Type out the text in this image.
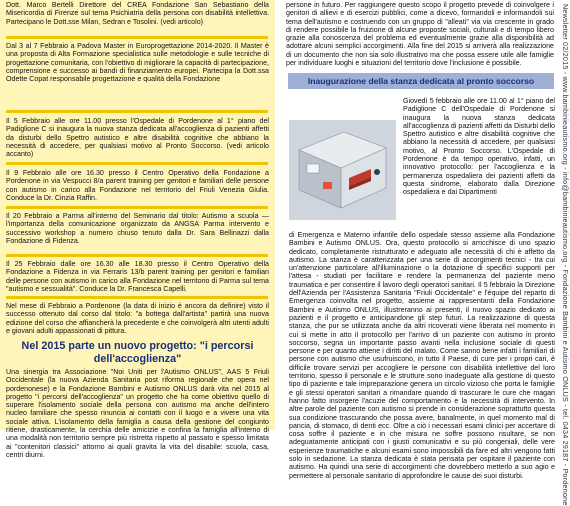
Dott. Marco Bertelli Direttore del CREA Fondazione San Sebastiano della Misericordia di Firenze sul tema Psichiatria della persona con disabilità intellettiva. Partecipano le Dott.sse Milan, Sedran e Tosolini. (vedi articolo)

Dal 3 al 7 Febbraio a Padova Master in Europrogettazione 2014-2020. Il Master è una proposta di Alta Formazione specialistica sulle metodologie e sulle tecniche di progettazione comunitaria, con l'obiettivo di migliorare la capacità di partecipazione, comprensione e successo ai bandi di finanziamento europei. Partecipa la Dott.ssa Odette Copat responsabile progettazione e qualità della Fondazione

Il 5 Febbraio alle ore 11.00 presso l'Ospedale di Pordenone al 1° piano del Padiglione C si inaugura la nuova stanza dedicata all'accoglienza di pazienti affetti da disturbi dello Spettro autistico e altre disabilità cognitive che abbiano la necessità di accedere, per qualsiasi motivo al Pronto Soccorso. (vedi articolo accanto)

Il 9 Febbraio alle ore 16.30 presso il Centro Operativo della Fondazione a Pordenone in via Vespucci 8/a parent training per genitori e familiari delle persone con autismo in carico alla Fondazione nel territorio del Friuli Venezia Giulia. Conduce la Dr. Cinzia Raffin.

Il 20 Febbraio a Parma all'interno del Seminario dal titolo: Autismo a scuola — l'importanza della comunicazione organizzato da ANGSA Parma intervento e successivo workshop a numero chiuso tenuto dalla Dr. Sara Bellinazzi dalla Fondazione di Fidenza.

Il 25 Febbraio dalle ore 16.30 alle 18.30 presso il Centro Operativo della Fondazione a Fidenza in via Ferraris 13/b parent training per genitori e familiari delle persone con autismo in carico alla Fondazione nel territorio di Parma sul tema "autismo e sessualità". Conduce la Dr. Francesca Capelli.

Nel mese di Febbraio a Pordenone (la data di inizio è ancora da definire) visto il successo ottenuto dal corso dal titolo: "a bottega dall'artista" partirà una nuova edizione del corso che affiancherà la precedente e che coinvolgerà altri utenti adulti e giovani adulti appassionati di pittura.

Nel 2015 parte un nuovo progetto: "i percorsi dell'accoglienza"

Una sinergia tra Associazione "Noi Uniti per l'Autismo ONLUS", AAS 5 Friuli Occidentale (la nuova Azienda Sanitaria post riforma regionale che opera nel pordenonese) e la Fondazione Bambini e Autismo ONLUS darà vita nel 2015 al progetto "i percorsi dell'accoglienza" un progetto che ha come obiettivo quello di superare l'isolamento sociale della persona con autismo ma anche dell'intero nucleo familiare che spesso rinuncia ai contatti con il luogo e a vivere una vita sociale attiva. L'isolamento della famiglia a causa della gestione del congiunto ritiene, drasticamente, la cerchia delle amicizie e confina la famiglia all'interno di una modalità non territorio sempre più ristretta rispetto al passato e spesso limitata ai "contenitori classici" attorno ai quali gravita la vita del disabile: scuola, casa, centri diurni.

persone in futuro. Per raggiungere questo scopo il progetto prevede di coinvolgere i genitori di allievi e di esercizi pubblici, come a dicevo, formandoli e informandoli sui tema dell'autismo e costruendo con un gruppo di "alleati" via via crescente in grado di rendere possibile la fruizione di alcune proposte sociali, culturali e di tempo libero grazie alla conoscenza del problema ed eventualmente grazie alla disponibilità ad adottare alcuni semplici accorgimenti. Alla fine del 2015 si arriverà alla realizzazione di un documento che non sia solo illustrativo ma che possa essere utile alle famiglie per individuare luoghi e situazioni del territorio dove l'inclusione è possibile.

Inaugurazione della stanza dedicata al pronto soccorso

Giovedì 5 febbraio alle ore 11.00 al 1° piano del Padiglione C dell'Ospedale di Pordenone si inaugura la nuova stanza dedicata all'accoglienza di pazienti affetti da Disturbi dello Spettro autistico e altre disabilità cognitive che abbiano la necessità di accedere, per qualsiasi motivo, al Pronto Soccorso. L'Ospedale di Pordenone è da tempo operativo, infatti, un innovativo protocollo: per l'accoglienza e la permanenza ospedaliera dei pazienti affetti da questa sindrome, elaborato dalla Direzione ospedaliera e dai Dipartimenti

di Emergenza e Materno infantile dello ospedale stesso assieme alla Fondazione Bambini e Autismo ONLUS. Ora, questo protocollo si arricchisce di uno spazio dedicato, completamente ristrutturato e adeguato alle necessità di chi è affetto da autismo. La stanza è caratterizzata per una serie di accorgimenti tecnici - tra cui un'attenzione particolare all'illuminazione o la dotazione di specifici supporti per l'attesa - studiati per facilitare e rendere la permanenza del paziente meno traumatica e per consentire il lavoro degli operatori sanitari. Il 5 febbraio la Direzione dell'Azienda per l'Assistenza Sanitaria "Friuli Occidentale" e l'équipe del reparto di Emergenza coinvolta nel progetto, assieme ai rappresentanti della Fondazione Bambini e Autismo ONLUS, illustreranno ai presenti, il nuovo spazio dedicato ai pazienti e il progetto e anticipandone gli step futuri. La realizzazione di questa stanza, che pur se utilizzata anche da altri ricoverati viene liberata nel momento in cui si mette in atto il protocollo per l'arrivo di un paziente con autismo in pronto soccorso, segna un importante passo avanti nella inclusione sociale di questi persone e per quanto attiene i diritti del malato. Come sanno bene infatti i familiari di persone con autismo che usufruiscono, in tutto il Paese, di cure per i propri cari, è difficile trovare servizi per accogliere le persone con disabilità intellettive del loro territorio, spesso il personale e le strutture sono inadeguate alla gestione di questo tipo di paziente e tale impreparazione genera un circolo vizioso che porta le famiglie e gli stessi operatori sanitari a rimandare quando di trascurare le cure che magari hanno fatto insorgere l'acuzie del comportamento e la necessità di intervento. In altre parole del paziente con autismo si prende in considerazione soprattutto questa sua condizione trascurando che possa avere, banalmente, in quel momento mal di pancia, di stomaco, di denti ecc. Oltre a ciò i necessari esami clinici per accertare di cosa soffre il paziente e in che misura ne soffre possono risultare, se non adeguatamente anticipati con i giusti comunicativi e su più congeniali, delle vere esperienze traumatiche e alcuni esami sono impossibili da fare ed altri vengono fatti solo in sedazione. La stanza dedicata è stata pensata per ospitare il paziente con autismo. Ha quindi una serie di accorgimenti che dovrebbero metterlo a suo agio e permettere al personale sanitario di approfondire le cause dei suoi disturbi.	Newsletter 02/2015 - www.bambinieautismo.org - info@bambinieautismo.org - Fondazione Bambini e Autismo ONLUS - tel. 0434 29187 - Pordenone
